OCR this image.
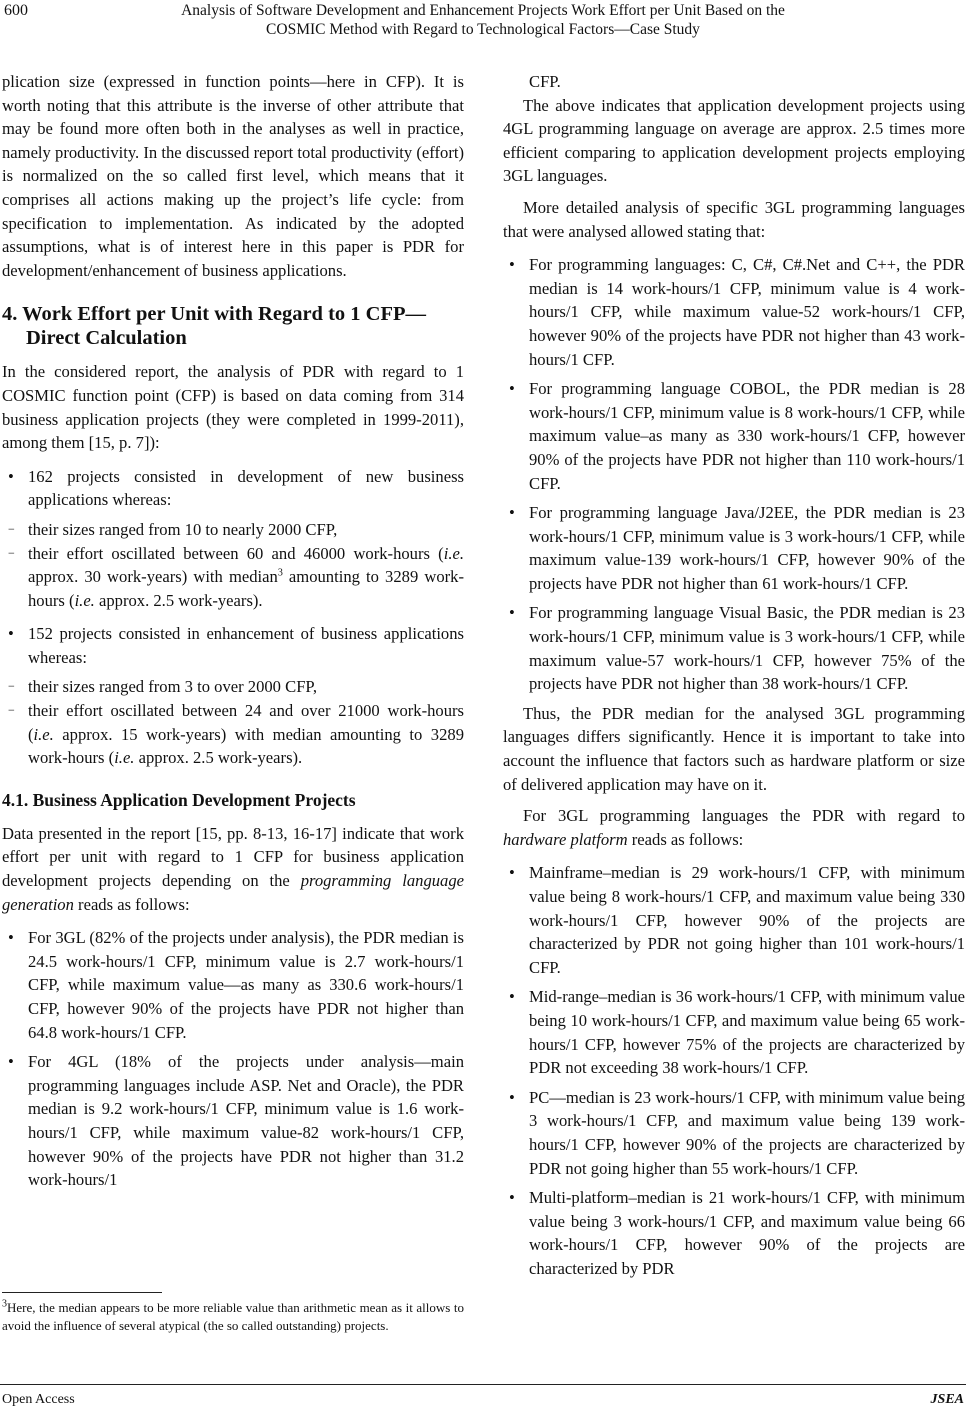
600	Analysis of Software Development and Enhancement Projects Work Effort per Unit Based on the
COSMIC Method with Regard to Technological Factors—Case Study

plication size (expressed in function points—here in CFP). It is worth noting that this attribute is the inverse of other attribute that may be found more often both in the analyses as well in practice, namely productivity. In the discussed report total productivity (effort) is normalized on the so called first level, which means that it comprises all actions making up the project’s life cycle: from specification to implementation. As indicated by the adopted assumptions, what is of interest here in this paper is PDR for development/enhancement of business applications.

4. Work Effort per Unit with Regard to 1 CFP—Direct Calculation

In the considered report, the analysis of PDR with regard to 1 COSMIC function point (CFP) is based on data coming from 314 business application projects (they were completed in 1999-2011), among them [15, p. 7]):

• 162 projects consisted in development of new business applications whereas:
− their sizes ranged from 10 to nearly 2000 CFP,
− their effort oscillated between 60 and 46000 work-hours (i.e. approx. 30 work-years) with median$^3$ amounting to 3289 work-hours (i.e. approx. 2.5 work-years).
• 152 projects consisted in enhancement of business applications whereas:
− their sizes ranged from 3 to over 2000 CFP,
− their effort oscillated between 24 and over 21000 work-hours (i.e. approx. 15 work-years) with median amounting to 3289 work-hours (i.e. approx. 2.5 work-years).
4.1. Business Application Development Projects

Data presented in the report [15, pp. 8-13, 16-17] indicate that work effort per unit with regard to 1 CFP for business application development projects depending on the programming language generation reads as follows:

• For 3GL (82% of the projects under analysis), the PDR median is 24.5 work-hours/1 CFP, minimum value is 2.7 work-hours/1 CFP, while maximum value—as many as 330.6 work-hours/1 CFP, however 90% of the projects have PDR not higher than 64.8 work-hours/1 CFP.
• For 4GL (18% of the projects under analysis—main programming languages include ASP. Net and Oracle), the PDR median is 9.2 work-hours/1 CFP, minimum value is 1.6 work-hours/1 CFP, while maximum value-82 work-hours/1 CFP, however 90% of the projects have PDR not higher than 31.2 work-hours/1
$^3$Here, the median appears to be more reliable value than arithmetic mean as it allows to avoid the influence of several atypical (the so called outstanding) projects.

CFP.

The above indicates that application development projects using 4GL programming language on average are approx. 2.5 times more efficient comparing to application development projects employing 3GL languages.

More detailed analysis of specific 3GL programming languages that were analysed allowed stating that:

• For programming languages: C, C#, C#.Net and C++, the PDR median is 14 work-hours/1 CFP, minimum value is 4 work-hours/1 CFP, while maximum value-52 work-hours/1 CFP, however 90% of the projects have PDR not higher than 43 work-hours/1 CFP.
• For programming language COBOL, the PDR median is 28 work-hours/1 CFP, minimum value is 8 work-hours/1 CFP, while maximum value–as many as 330 work-hours/1 CFP, however 90% of the projects have PDR not higher than 110 work-hours/1 CFP.
• For programming language Java/J2EE, the PDR median is 23 work-hours/1 CFP, minimum value is 3 work-hours/1 CFP, while maximum value-139 work-hours/1 CFP, however 90% of the projects have PDR not higher than 61 work-hours/1 CFP.
• For programming language Visual Basic, the PDR median is 23 work-hours/1 CFP, minimum value is 3 work-hours/1 CFP, while maximum value-57 work-hours/1 CFP, however 75% of the projects have PDR not higher than 38 work-hours/1 CFP.

Thus, the PDR median for the analysed 3GL programming languages differs significantly. Hence it is important to take into account the influence that factors such as hardware platform or size of delivered application may have on it.

For 3GL programming languages the PDR with regard to hardware platform reads as follows:

• Mainframe–median is 29 work-hours/1 CFP, with minimum value being 8 work-hours/1 CFP, and maximum value being 330 work-hours/1 CFP, however 90% of the projects are characterized by PDR not going higher than 101 work-hours/1 CFP.
• Mid-range–median is 36 work-hours/1 CFP, with minimum value being 10 work-hours/1 CFP, and maximum value being 65 work-hours/1 CFP, however 75% of the projects are characterized by PDR not exceeding 38 work-hours/1 CFP.
• PC—median is 23 work-hours/1 CFP, with minimum value being 3 work-hours/1 CFP, and maximum value being 139 work-hours/1 CFP, however 90% of the projects are characterized by PDR not going higher than 55 work-hours/1 CFP.
• Multi-platform–median is 21 work-hours/1 CFP, with minimum value being 3 work-hours/1 CFP, and maximum value being 66 work-hours/1 CFP, however 90% of the projects are characterized by PDR
Open Access	JSEA
